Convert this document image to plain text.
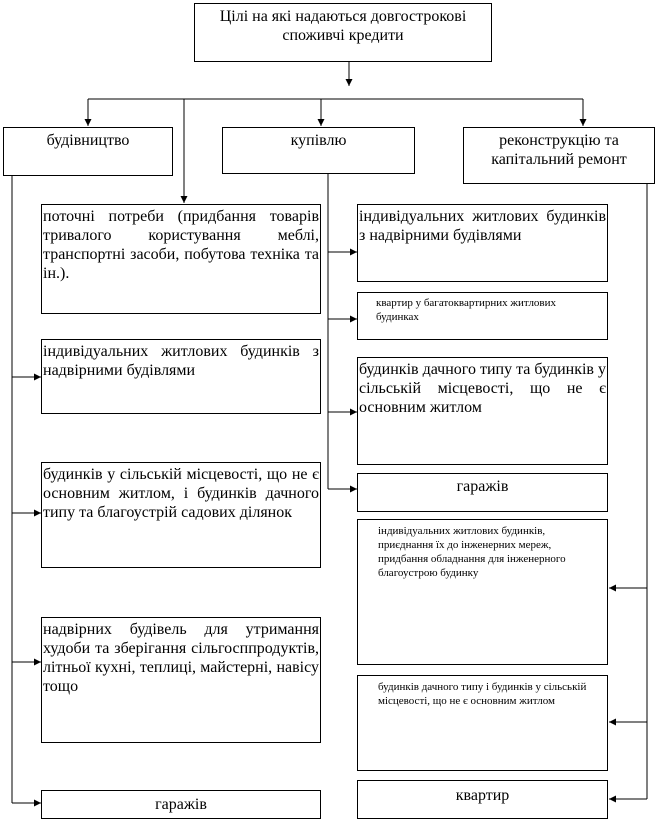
Цілі на які надаються довгострокові споживчі кредити
будівництво	купівлю	реконструкцію та капітальний ремонт
поточні потреби (придбання товарів тривалого користування меблі, транспортні засоби, побутова техніка та ін.).
індивідуальних житлових будинків з надвірними будівлями
будинків у сільській місцевості, що не є основним житлом, і будинків дачного типу та благоустрій садових ділянок
надвірних будівель для утримання худоби та зберігання сільгосппродуктів, літньої кухні, теплиці, майстерні, навісу тощо
гаражів
індивідуальних житлових будинків з надвірними будівлями
квартир у багатоквартирних житлових будинках
будинків дачного типу та будинків у сільській місцевості, що не є основним житлом
гаражів
індивідуальних житлових будинків, приєднання їх до інженерних мереж, придбання обладнання для інженерного благоустрою будинку
будинків дачного типу і будинків у сільській місцевості, що не є основним житлом
квартир
